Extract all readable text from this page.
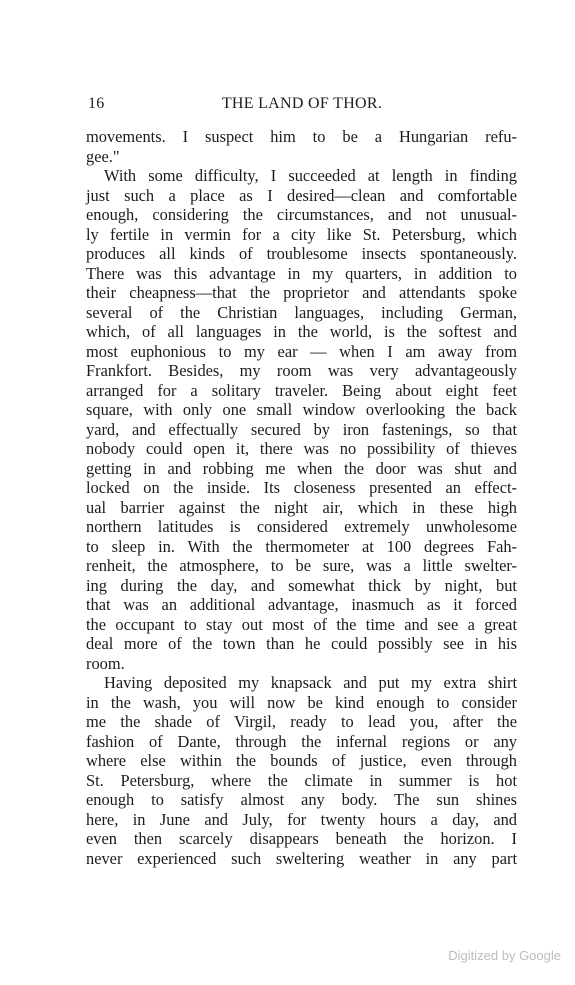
16	THE LAND OF THOR.
movements. I suspect him to be a Hungarian refu-
gee."
With some difficulty, I succeeded at length in finding
just such a place as I desired—clean and comfortable
enough, considering the circumstances, and not unusual-
ly fertile in vermin for a city like St. Petersburg, which
produces all kinds of troublesome insects spontaneously.
There was this advantage in my quarters, in addition to
their cheapness—that the proprietor and attendants spoke
several of the Christian languages, including German,
which, of all languages in the world, is the softest and
most euphonious to my ear — when I am away from
Frankfort. Besides, my room was very advantageously
arranged for a solitary traveler. Being about eight feet
square, with only one small window overlooking the back
yard, and effectually secured by iron fastenings, so that
nobody could open it, there was no possibility of thieves
getting in and robbing me when the door was shut and
locked on the inside. Its closeness presented an effect-
ual barrier against the night air, which in these high
northern latitudes is considered extremely unwholesome
to sleep in. With the thermometer at 100 degrees Fah-
renheit, the atmosphere, to be sure, was a little swelter-
ing during the day, and somewhat thick by night, but
that was an additional advantage, inasmuch as it forced
the occupant to stay out most of the time and see a great
deal more of the town than he could possibly see in his
room.
Having deposited my knapsack and put my extra shirt
in the wash, you will now be kind enough to consider
me the shade of Virgil, ready to lead you, after the
fashion of Dante, through the infernal regions or any
where else within the bounds of justice, even through
St. Petersburg, where the climate in summer is hot
enough to satisfy almost any body. The sun shines
here, in June and July, for twenty hours a day, and
even then scarcely disappears beneath the horizon. I
never experienced such sweltering weather in any part
Digitized by Google
